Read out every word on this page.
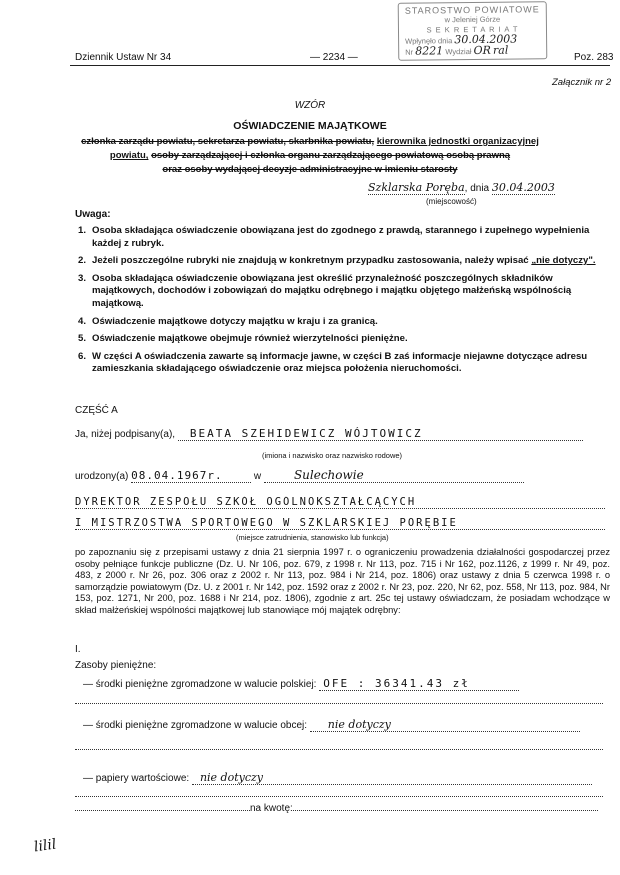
STAROSTWO POWIATOWE
w Jeleniej Górze
S E K R E T A R I A T
Wpłynęło dnia 30.04.2003
Nr 8221 Wydział OR ral
Dziennik Ustaw Nr 34	— 2234 —	Poz. 283
Załącznik nr 2
WZÓR
OŚWIADCZENIE MAJĄTKOWE
członka zarządu powiatu, sekretarza powiatu, skarbnika powiatu, kierownika jednostki organizacyjnej
powiatu, osoby zarządzającej i członka organu zarządzającego powiatową osobą prawną
oraz osoby wydającej decyzje administracyjne w imieniu starosty
Szklarska Poręba, dnia 30.04.2003
(miejscowość)
Uwaga:
1. Osoba składająca oświadczenie obowiązana jest do zgodnego z prawdą, starannego i zupełnego wypełnienia każdej z rubryk.
2. Jeżeli poszczególne rubryki nie znajdują w konkretnym przypadku zastosowania, należy wpisać „nie dotyczy".
3. Osoba składająca oświadczenie obowiązana jest określić przynależność poszczególnych składników majątkowych, dochodów i zobowiązań do majątku odrębnego i majątku objętego małżeńską wspólnością majątkową.
4. Oświadczenie majątkowe dotyczy majątku w kraju i za granicą.
5. Oświadczenie majątkowe obejmuje również wierzytelności pieniężne.
6. W części A oświadczenia zawarte są informacje jawne, w części B zaś informacje niejawne dotyczące adresu zamieszkania składającego oświadczenie oraz miejsca położenia nieruchomości.
CZĘŚĆ A
Ja, niżej podpisany(a), BEATA SZEHIDEWICZ WÓJTOWICZ
(imiona i nazwisko oraz nazwisko rodowe)
urodzony(a) 08.04.1967r.	w	Sulechowie
DYREKTOR ZESPOŁU SZKÓŁ OGÓLNOKSZTAŁCĄCYCH
I MISTRZOSTWA SPORTOWEGO W SZKLARSKIEJ PORĘBIE
(miejsce zatrudnienia, stanowisko lub funkcja)
po zapoznaniu się z przepisami ustawy z dnia 21 sierpnia 1997 r. o ograniczeniu prowadzenia działalności gospodarczej przez osoby pełniące funkcje publiczne (Dz. U. Nr 106, poz. 679, z 1998 r. Nr 113, poz. 715 i Nr 162, poz.1126, z 1999 r. Nr 49, poz. 483, z 2000 r. Nr 26, poz. 306 oraz z 2002 r. Nr 113, poz. 984 i Nr 214, poz. 1806) oraz ustawy z dnia 5 czerwca 1998 r. o samorządzie powiatowym (Dz. U. z 2001 r. Nr 142, poz. 1592 oraz z 2002 r. Nr 23, poz. 220, Nr 62, poz. 558, Nr 113, poz. 984, Nr 153, poz. 1271, Nr 200, poz. 1688 i Nr 214, poz. 1806), zgodnie z art. 25c tej ustawy oświadczam, że posiadam wchodzące w skład małżeńskiej wspólności majątkowej lub stanowiące mój majątek odrębny:
I.
Zasoby pieniężne:
— środki pieniężne zgromadzone w walucie polskiej: OFE : 36341.43 zł
— środki pieniężne zgromadzone w walucie obcej: nie dotyczy
— papiery wartościowe: nie dotyczy
na kwotę:
lilil
